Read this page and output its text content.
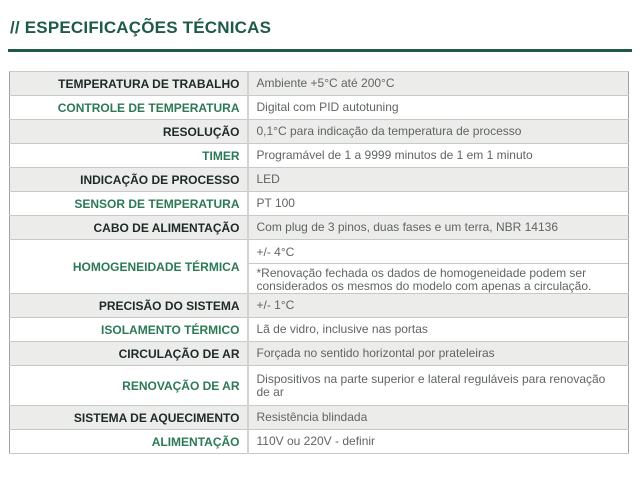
// ESPECIFICAÇÕES TÉCNICAS
TEMPERATURA DE TRABALHO	Ambiente +5°C até 200°C
CONTROLE DE TEMPERATURA	Digital com PID autotuning
RESOLUÇÃO	0,1°C para indicação da temperatura de processo
TIMER	Programável de 1 a 9999 minutos de 1 em 1 minuto
INDICAÇÃO DE PROCESSO	LED
SENSOR DE TEMPERATURA	PT 100
CABO DE ALIMENTAÇÃO	Com plug de 3 pinos, duas fases e um terra, NBR 14136
HOMOGENEIDADE TÉRMICA	+/- 4°C
*Renovação fechada os dados de homogeneidade podem ser considerados os mesmos do modelo com apenas a circulação.

PRECISÃO DO SISTEMA	+/- 1°C
ISOLAMENTO TÉRMICO	Lã de vidro, inclusive nas portas
CIRCULAÇÃO DE AR	Forçada no sentido horizontal por prateleiras
RENOVAÇÃO DE AR	Dispositivos na parte superior e lateral reguláveis para renovação de ar
SISTEMA DE AQUECIMENTO	Resistência blindada
ALIMENTAÇÃO	110V ou 220V - definir
